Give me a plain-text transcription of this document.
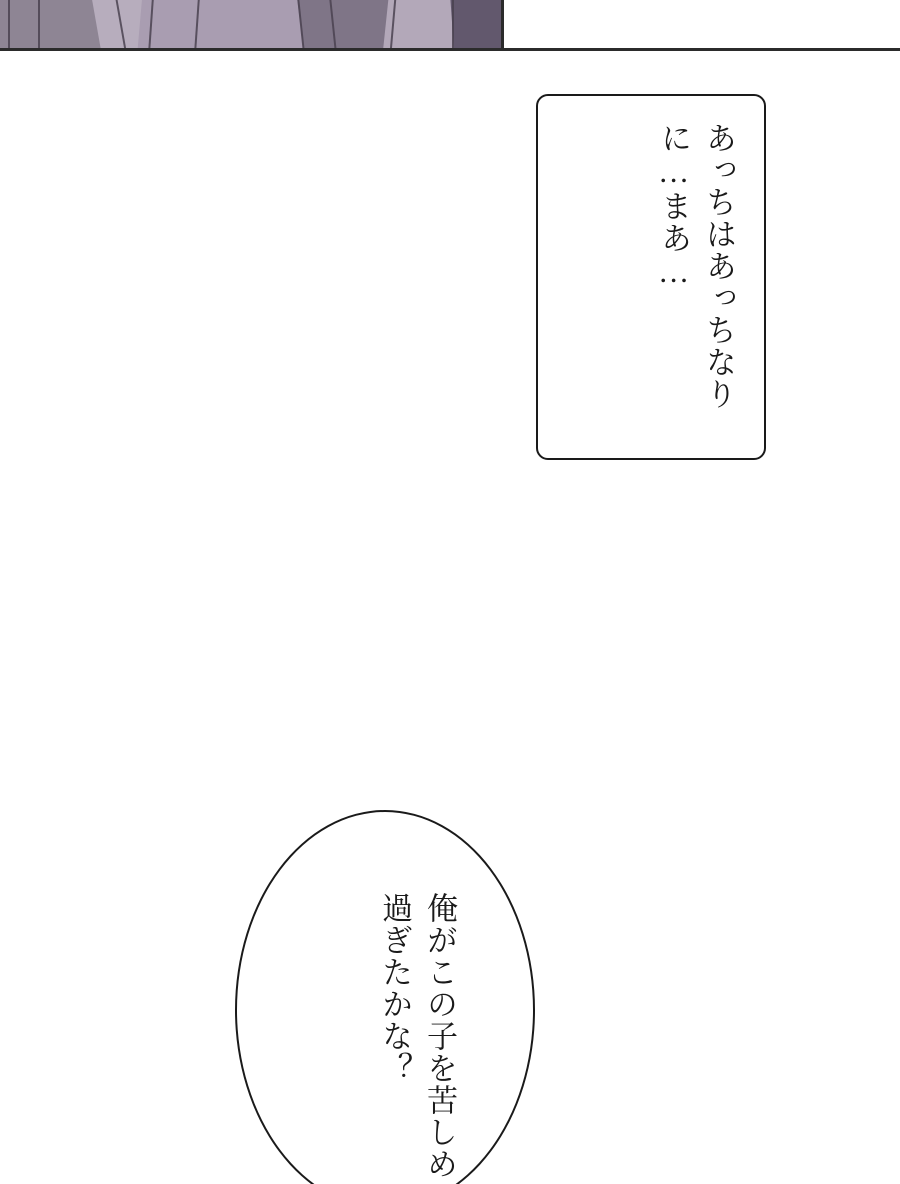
あっちはあっちなりに…まあ…
俺がこの子を苦しめ過ぎたかな？
